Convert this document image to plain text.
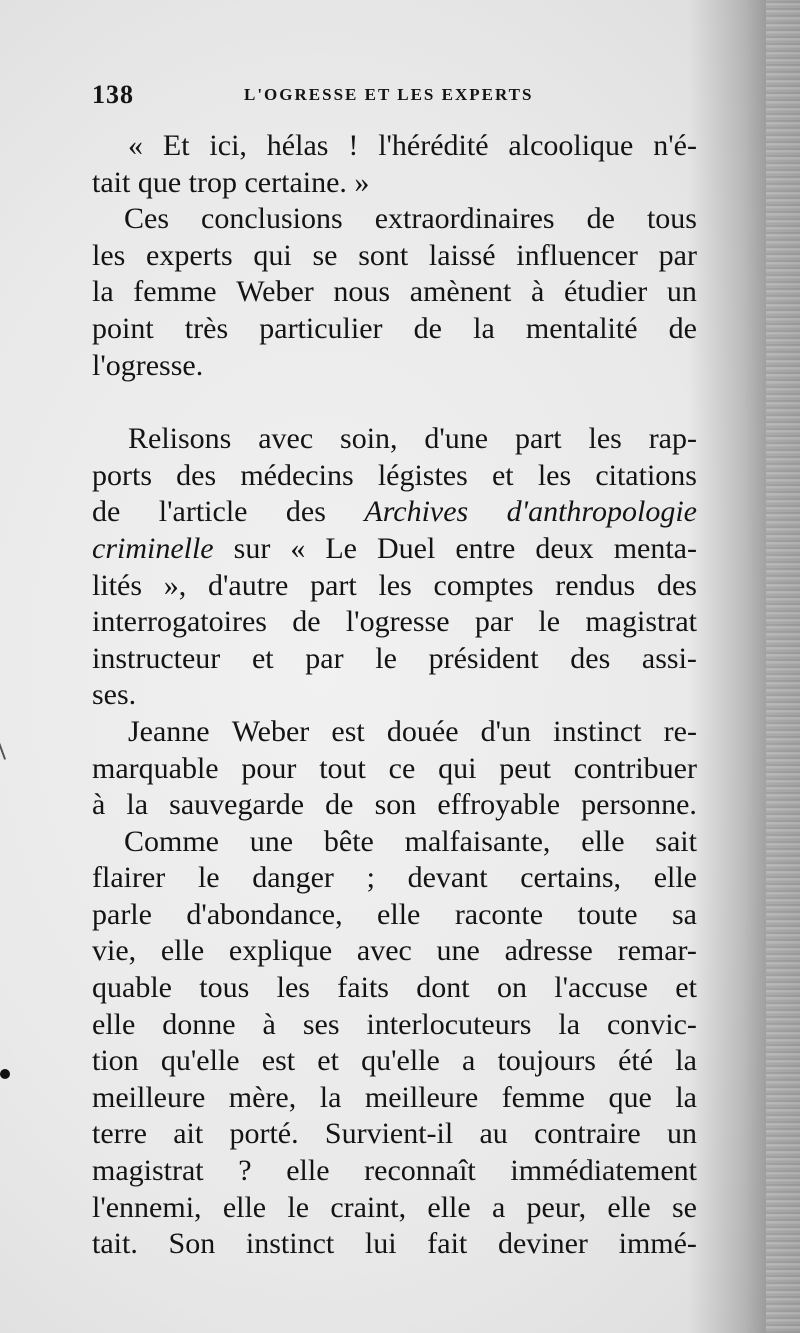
138	L'OGRESSE ET LES EXPERTS
« Et ici, hélas ! l'hérédité alcoolique n'é-
tait que trop certaine. »
Ces conclusions extraordinaires de tous
les experts qui se sont laissé influencer par
la femme Weber nous amènent à étudier un
point très particulier de la mentalité de
l'ogresse.
Relisons avec soin, d'une part les rap-
ports des médecins légistes et les citations
de l'article des Archives d'anthropologie
criminelle sur « Le Duel entre deux menta-
lités », d'autre part les comptes rendus des
interrogatoires de l'ogresse par le magistrat
instructeur et par le président des assi-
ses.
Jeanne Weber est douée d'un instinct re-
marquable pour tout ce qui peut contribuer
à la sauvegarde de son effroyable personne.
Comme une bête malfaisante, elle sait
flairer le danger ; devant certains, elle
parle d'abondance, elle raconte toute sa
vie, elle explique avec une adresse remar-
quable tous les faits dont on l'accuse et
elle donne à ses interlocuteurs la convic-
tion qu'elle est et qu'elle a toujours été la
meilleure mère, la meilleure femme que la
terre ait porté. Survient-il au contraire un
magistrat ? elle reconnaît immédiatement
l'ennemi, elle le craint, elle a peur, elle se
tait. Son instinct lui fait deviner immé-
